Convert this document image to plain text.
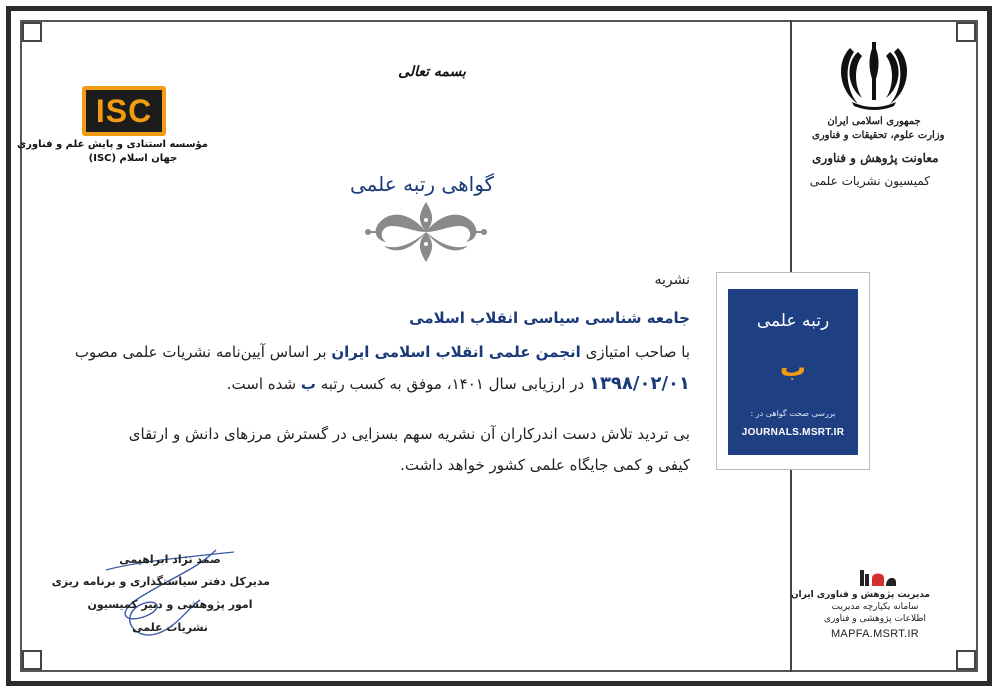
جمهوری اسلامی ایران
وزارت علوم، تحقیقات و فناوری
معاونت پژوهش و فناوری
کمیسیون نشریات علمی
ISC
مؤسسه استنادی و پایش علم و فناوری
جهان اسلام (ISC)
بسمه تعالی
گواهی رتبه علمی
نشریه
جامعه شناسی سیاسی انقلاب اسلامی
با صاحب امتیازی انجمن علمی انقلاب اسلامی ایران بر اساس آیین‌نامه نشریات علمی مصوب
۱۳۹۸/۰۲/۰۱ در ارزیابی سال ۱۴۰۱، موفق به کسب رتبه ب شده است.
بی تردید تلاش دست اندرکاران آن نشریه سهم بسزایی در گسترش مرزهای دانش و ارتقای
کیفی و کمی جایگاه علمی کشور خواهد داشت.
رتبه علمی
ب
بررسی صحت گواهی در :
JOURNALS.MSRT.IR
صمد نژاد ابراهیمی
مدیرکل دفتر سیاستگذاری و برنامه ریزی
امور پژوهشی و دبیر کمیسیون
نشریات علمی
مدیریت پژوهش و فناوری ایران
سامانه یکپارچه مدیریت
اطلاعات پژوهشی و فناوری
MAPFA.MSRT.IR
